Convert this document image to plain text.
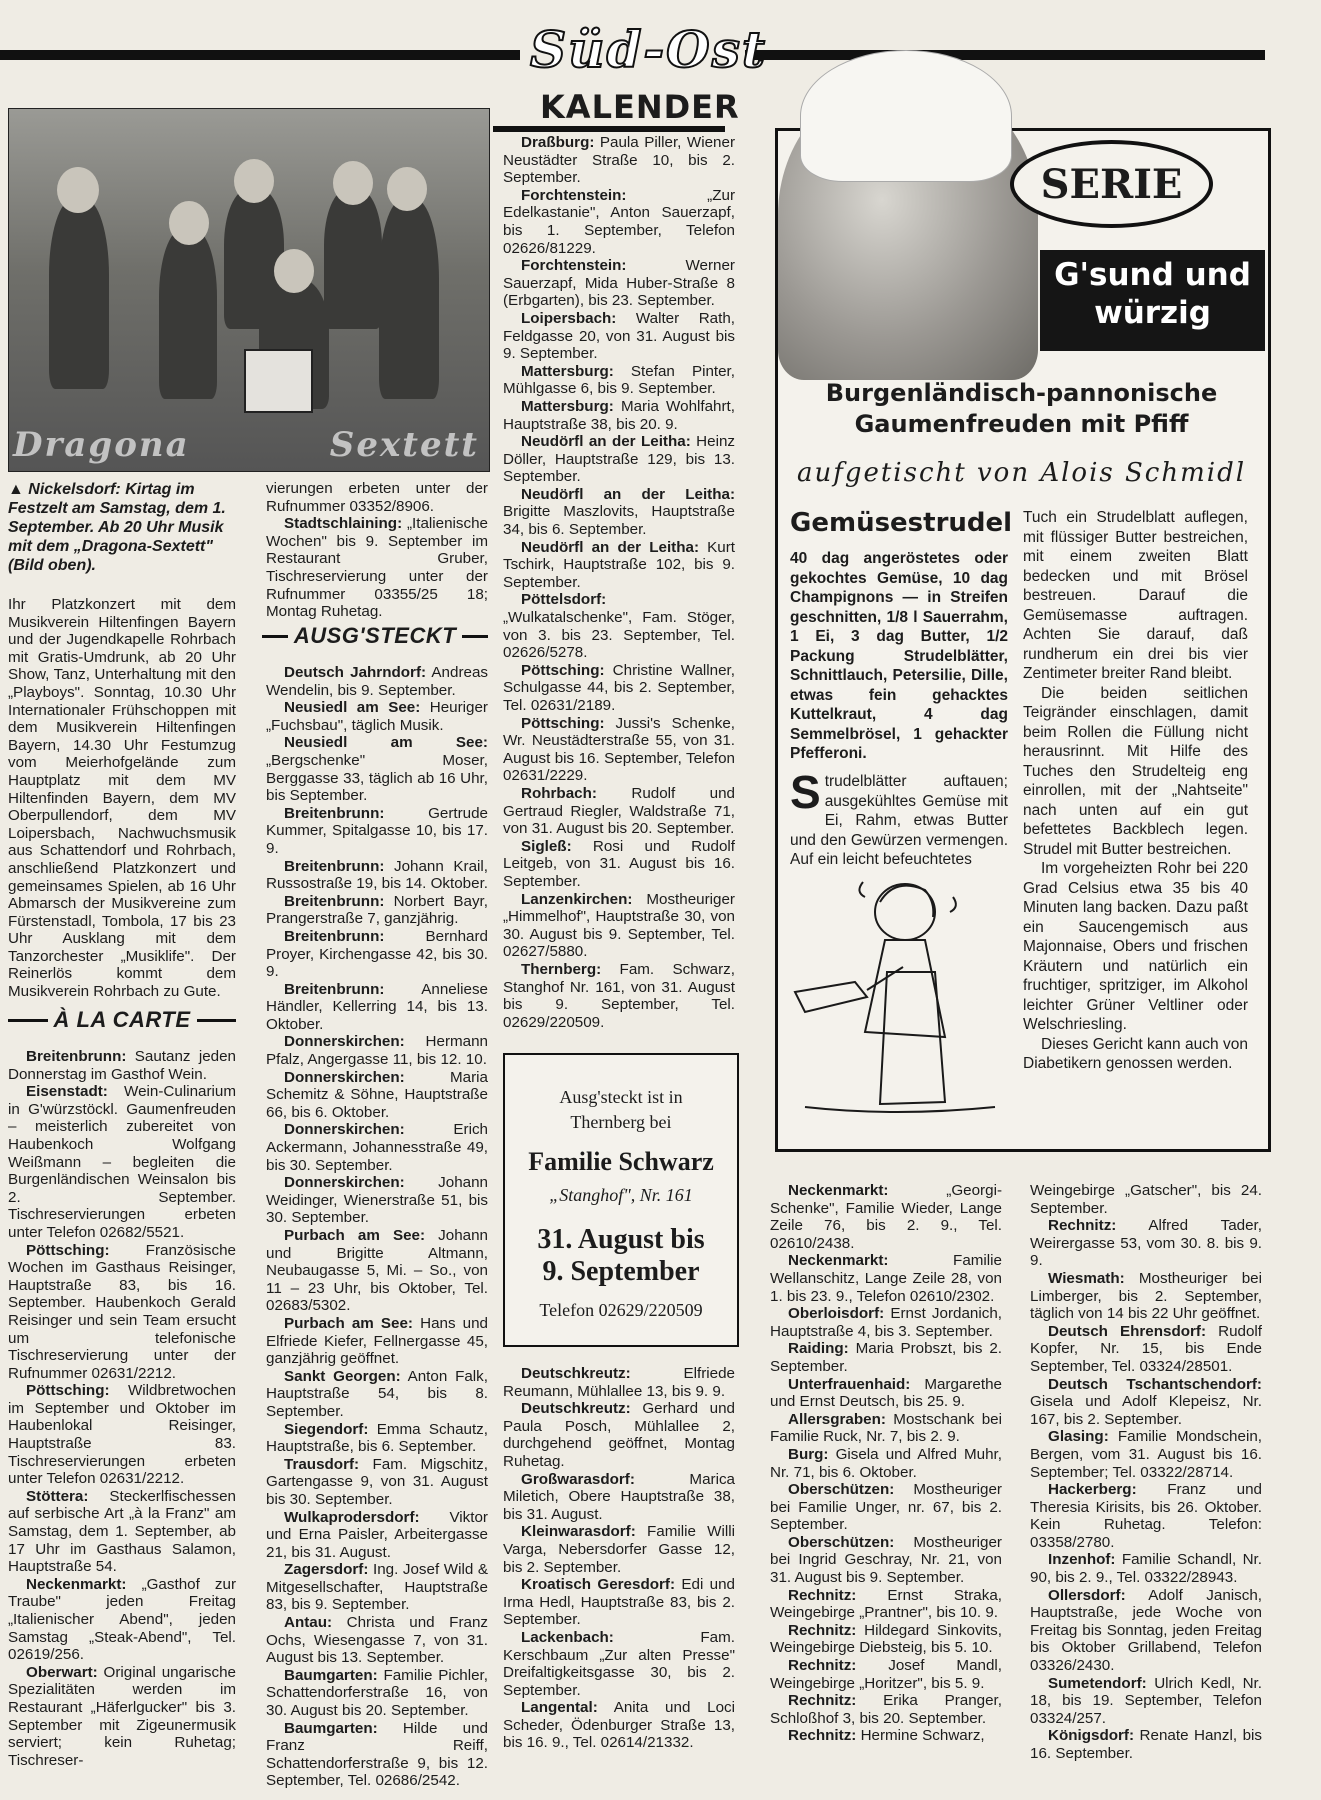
Süd-Ost
KALENDER
Dragona	Sextett
▲ Nickelsdorf: Kirtag im Festzelt am Samstag, dem 1. September. Ab 20 Uhr Musik mit dem „Dragona-Sextett" (Bild oben).
Ihr Platzkonzert mit dem Musikverein Hiltenfingen Bayern und der Jugendkapelle Rohrbach mit Gratis-Umdrunk, ab 20 Uhr Show, Tanz, Unterhaltung mit den „Playboys". Sonntag, 10.30 Uhr Internationaler Frühschoppen mit dem Musikverein Hiltenfingen Bayern, 14.30 Uhr Festumzug vom Meierhofgelände zum Hauptplatz mit dem MV Hiltenfinden Bayern, dem MV Oberpullendorf, dem MV Loipersbach, Nachwuchsmusik aus Schattendorf und Rohrbach, anschließend Platzkonzert und gemeinsames Spielen, ab 16 Uhr Abmarsch der Musikvereine zum Fürstenstadl, Tombola, 17 bis 23 Uhr Ausklang mit dem Tanzorchester „Musiklife". Der Reinerlös kommt dem Musikverein Rohrbach zu Gute.
À LA CARTE
Breitenbrunn: Sautanz jeden Donnerstag im Gasthof Wein.
Eisenstadt: Wein-Culinarium in G'würzstöckl. Gaumenfreuden – meisterlich zubereitet von Haubenkoch Wolfgang Weißmann – begleiten die Burgenländischen Weinsalon bis 2. September. Tischreservierungen erbeten unter Telefon 02682/5521.
Pöttsching: Französische Wochen im Gasthaus Reisinger, Hauptstraße 83, bis 16. September. Haubenkoch Gerald Reisinger und sein Team ersucht um telefonische Tischreservierung unter der Rufnummer 02631/2212.
Pöttsching: Wildbretwochen im September und Oktober im Haubenlokal Reisinger, Hauptstraße 83. Tischreservierungen erbeten unter Telefon 02631/2212.
Stöttera: Steckerlfischessen auf serbische Art „à la Franz" am Samstag, dem 1. September, ab 17 Uhr im Gasthaus Salamon, Hauptstraße 54.
Neckenmarkt: „Gasthof zur Traube" jeden Freitag „Italienischer Abend", jeden Samstag „Steak-Abend", Tel. 02619/256.
Oberwart: Original ungarische Spezialitäten werden im Restaurant „Häferlgucker" bis 3. September mit Zigeunermusik serviert; kein Ruhetag; Tischreser-
vierungen erbeten unter der Rufnummer 03352/8906.
Stadtschlaining: „Italienische Wochen" bis 9. September im Restaurant Gruber, Tischreservierung unter der Rufnummer 03355/25 18; Montag Ruhetag.
AUSG'STECKT
Deutsch Jahrndorf: Andreas Wendelin, bis 9. September.
Neusiedl am See: Heuriger „Fuchsbau", täglich Musik.
Neusiedl am See: „Bergschenke" Moser, Berggasse 33, täglich ab 16 Uhr, bis September.
Breitenbrunn: Gertrude Kummer, Spitalgasse 10, bis 17. 9.
Breitenbrunn: Johann Krail, Russostraße 19, bis 14. Oktober.
Breitenbrunn: Norbert Bayr, Prangerstraße 7, ganzjährig.
Breitenbrunn: Bernhard Proyer, Kirchengasse 42, bis 30. 9.
Breitenbrunn: Anneliese Händler, Kellerring 14, bis 13. Oktober.
Donnerskirchen: Hermann Pfalz, Angergasse 11, bis 12. 10.
Donnerskirchen: Maria Schemitz & Söhne, Hauptstraße 66, bis 6. Oktober.
Donnerskirchen: Erich Ackermann, Johannesstraße 49, bis 30. September.
Donnerskirchen: Johann Weidinger, Wienerstraße 51, bis 30. September.
Purbach am See: Johann und Brigitte Altmann, Neubaugasse 5, Mi. – So., von 11 – 23 Uhr, bis Oktober, Tel. 02683/5302.
Purbach am See: Hans und Elfriede Kiefer, Fellnergasse 45, ganzjährig geöffnet.
Sankt Georgen: Anton Falk, Hauptstraße 54, bis 8. September.
Siegendorf: Emma Schautz, Hauptstraße, bis 6. September.
Trausdorf: Fam. Migschitz, Gartengasse 9, von 31. August bis 30. September.
Wulkaprodersdorf: Viktor und Erna Paisler, Arbeitergasse 21, bis 31. August.
Zagersdorf: Ing. Josef Wild & Mitgesellschafter, Hauptstraße 83, bis 9. September.
Antau: Christa und Franz Ochs, Wiesengasse 7, von 31. August bis 13. September.
Baumgarten: Familie Pichler, Schattendorferstraße 16, von 30. August bis 20. September.
Baumgarten: Hilde und Franz Reiff, Schattendorferstraße 9, bis 12. September, Tel. 02686/2542.
Draßburg: Paula Piller, Wiener Neustädter Straße 10, bis 2. September.
Forchtenstein: „Zur Edelkastanie", Anton Sauerzapf, bis 1. September, Telefon 02626/81229.
Forchtenstein: Werner Sauerzapf, Mida Huber-Straße 8 (Erbgarten), bis 23. September.
Loipersbach: Walter Rath, Feldgasse 20, von 31. August bis 9. September.
Mattersburg: Stefan Pinter, Mühlgasse 6, bis 9. September.
Mattersburg: Maria Wohlfahrt, Hauptstraße 38, bis 20. 9.
Neudörfl an der Leitha: Heinz Döller, Hauptstraße 129, bis 13. September.
Neudörfl an der Leitha: Brigitte Maszlovits, Hauptstraße 34, bis 6. September.
Neudörfl an der Leitha: Kurt Tschirk, Hauptstraße 102, bis 9. September.
Pöttelsdorf: „Wulkatalschenke", Fam. Stöger, von 3. bis 23. September, Tel. 02626/5278.
Pöttsching: Christine Wallner, Schulgasse 44, bis 2. September, Tel. 02631/2189.
Pöttsching: Jussi's Schenke, Wr. Neustädterstraße 55, von 31. August bis 16. September, Telefon 02631/2229.
Rohrbach: Rudolf und Gertraud Riegler, Waldstraße 71, von 31. August bis 20. September.
Sigleß: Rosi und Rudolf Leitgeb, von 31. August bis 16. September.
Lanzenkirchen: Mostheuriger „Himmelhof", Hauptstraße 30, von 30. August bis 9. September, Tel. 02627/5880.
Thernberg: Fam. Schwarz, Stanghof Nr. 161, von 31. August bis 9. September, Tel. 02629/220509.
Ausg'steckt ist in
Thernberg bei
Familie Schwarz
„Stanghof", Nr. 161
31. August bis
9. September
Telefon 02629/220509
Deutschkreutz: Elfriede Reumann, Mühlallee 13, bis 9. 9.
Deutschkreutz: Gerhard und Paula Posch, Mühlallee 2, durchgehend geöffnet, Montag Ruhetag.
Großwarasdorf: Marica Miletich, Obere Hauptstraße 38, bis 31. August.
Kleinwarasdorf: Familie Willi Varga, Nebersdorfer Gasse 12, bis 2. September.
Kroatisch Geresdorf: Edi und Irma Hedl, Hauptstraße 83, bis 2. September.
Lackenbach: Fam. Kerschbaum „Zur alten Presse" Dreifaltigkeitsgasse 30, bis 2. September.
Langental: Anita und Loci Scheder, Ödenburger Straße 13, bis 16. 9., Tel. 02614/21332.
SERIE
G'sund und
würzig
Burgenländisch-pannonische
Gaumenfreuden mit Pfiff
aufgetischt von Alois Schmidl
Gemüsestrudel
40 dag angeröstetes oder gekochtes Gemüse, 10 dag Champignons — in Streifen geschnitten, 1/8 l Sauerrahm, 1 Ei, 3 dag Butter, 1/2 Packung Strudelblätter, Schnittlauch, Petersilie, Dille, etwas fein gehacktes Kuttelkraut, 4 dag Semmelbrösel, 1 gehackter Pfefferoni.
Strudelblätter auftauen; ausgekühltes Gemüse mit Ei, Rahm, etwas Butter und den Gewürzen vermengen. Auf ein leicht befeuchtetes
Tuch ein Strudelblatt auflegen, mit flüssiger Butter bestreichen, mit einem zweiten Blatt bedecken und mit Brösel bestreuen. Darauf die Gemüsemasse auftragen. Achten Sie darauf, daß rundherum ein drei bis vier Zentimeter breiter Rand bleibt.
Die beiden seitlichen Teigränder einschlagen, damit beim Rollen die Füllung nicht herausrinnt. Mit Hilfe des Tuches den Strudelteig eng einrollen, mit der „Nahtseite" nach unten auf ein gut befettetes Backblech legen. Strudel mit Butter bestreichen.
Im vorgeheizten Rohr bei 220 Grad Celsius etwa 35 bis 40 Minuten lang backen. Dazu paßt ein Saucengemisch aus Majonnaise, Obers und frischen Kräutern und natürlich ein fruchtiger, spritziger, im Alkohol leichter Grüner Veltliner oder Welschriesling.
Dieses Gericht kann auch von Diabetikern genossen werden.
Neckenmarkt: „Georgi-Schenke", Familie Wieder, Lange Zeile 76, bis 2. 9., Tel. 02610/2438.
Neckenmarkt: Familie Wellanschitz, Lange Zeile 28, von 1. bis 23. 9., Telefon 02610/2302.
Oberloisdorf: Ernst Jordanich, Hauptstraße 4, bis 3. September.
Raiding: Maria Probszt, bis 2. September.
Unterfrauenhaid: Margarethe und Ernst Deutsch, bis 25. 9.
Allersgraben: Mostschank bei Familie Ruck, Nr. 7, bis 2. 9.
Burg: Gisela und Alfred Muhr, Nr. 71, bis 6. Oktober.
Oberschützen: Mostheuriger bei Familie Unger, nr. 67, bis 2. September.
Oberschützen: Mostheuriger bei Ingrid Geschray, Nr. 21, von 31. August bis 9. September.
Rechnitz: Ernst Straka, Weingebirge „Prantner", bis 10. 9.
Rechnitz: Hildegard Sinkovits, Weingebirge Diebsteig, bis 5. 10.
Rechnitz: Josef Mandl, Weingebirge „Horitzer", bis 5. 9.
Rechnitz: Erika Pranger, Schloßhof 3, bis 20. September.
Rechnitz: Hermine Schwarz,
Weingebirge „Gatscher", bis 24. September.
Rechnitz: Alfred Tader, Weirergasse 53, vom 30. 8. bis 9. 9.
Wiesmath: Mostheuriger bei Limberger, bis 2. September, täglich von 14 bis 22 Uhr geöffnet.
Deutsch Ehrensdorf: Rudolf Kopfer, Nr. 15, bis Ende September, Tel. 03324/28501.
Deutsch Tschantschendorf: Gisela und Adolf Klepeisz, Nr. 167, bis 2. September.
Glasing: Familie Mondschein, Bergen, vom 31. August bis 16. September; Tel. 03322/28714.
Hackerberg: Franz und Theresia Kirisits, bis 26. Oktober. Kein Ruhetag. Telefon: 03358/2780.
Inzenhof: Familie Schandl, Nr. 90, bis 2. 9., Tel. 03322/28943.
Ollersdorf: Adolf Janisch, Hauptstraße, jede Woche von Freitag bis Sonntag, jeden Freitag bis Oktober Grillabend, Telefon 03326/2430.
Sumetendorf: Ulrich Kedl, Nr. 18, bis 19. September, Telefon 03324/257.
Königsdorf: Renate Hanzl, bis 16. September.
